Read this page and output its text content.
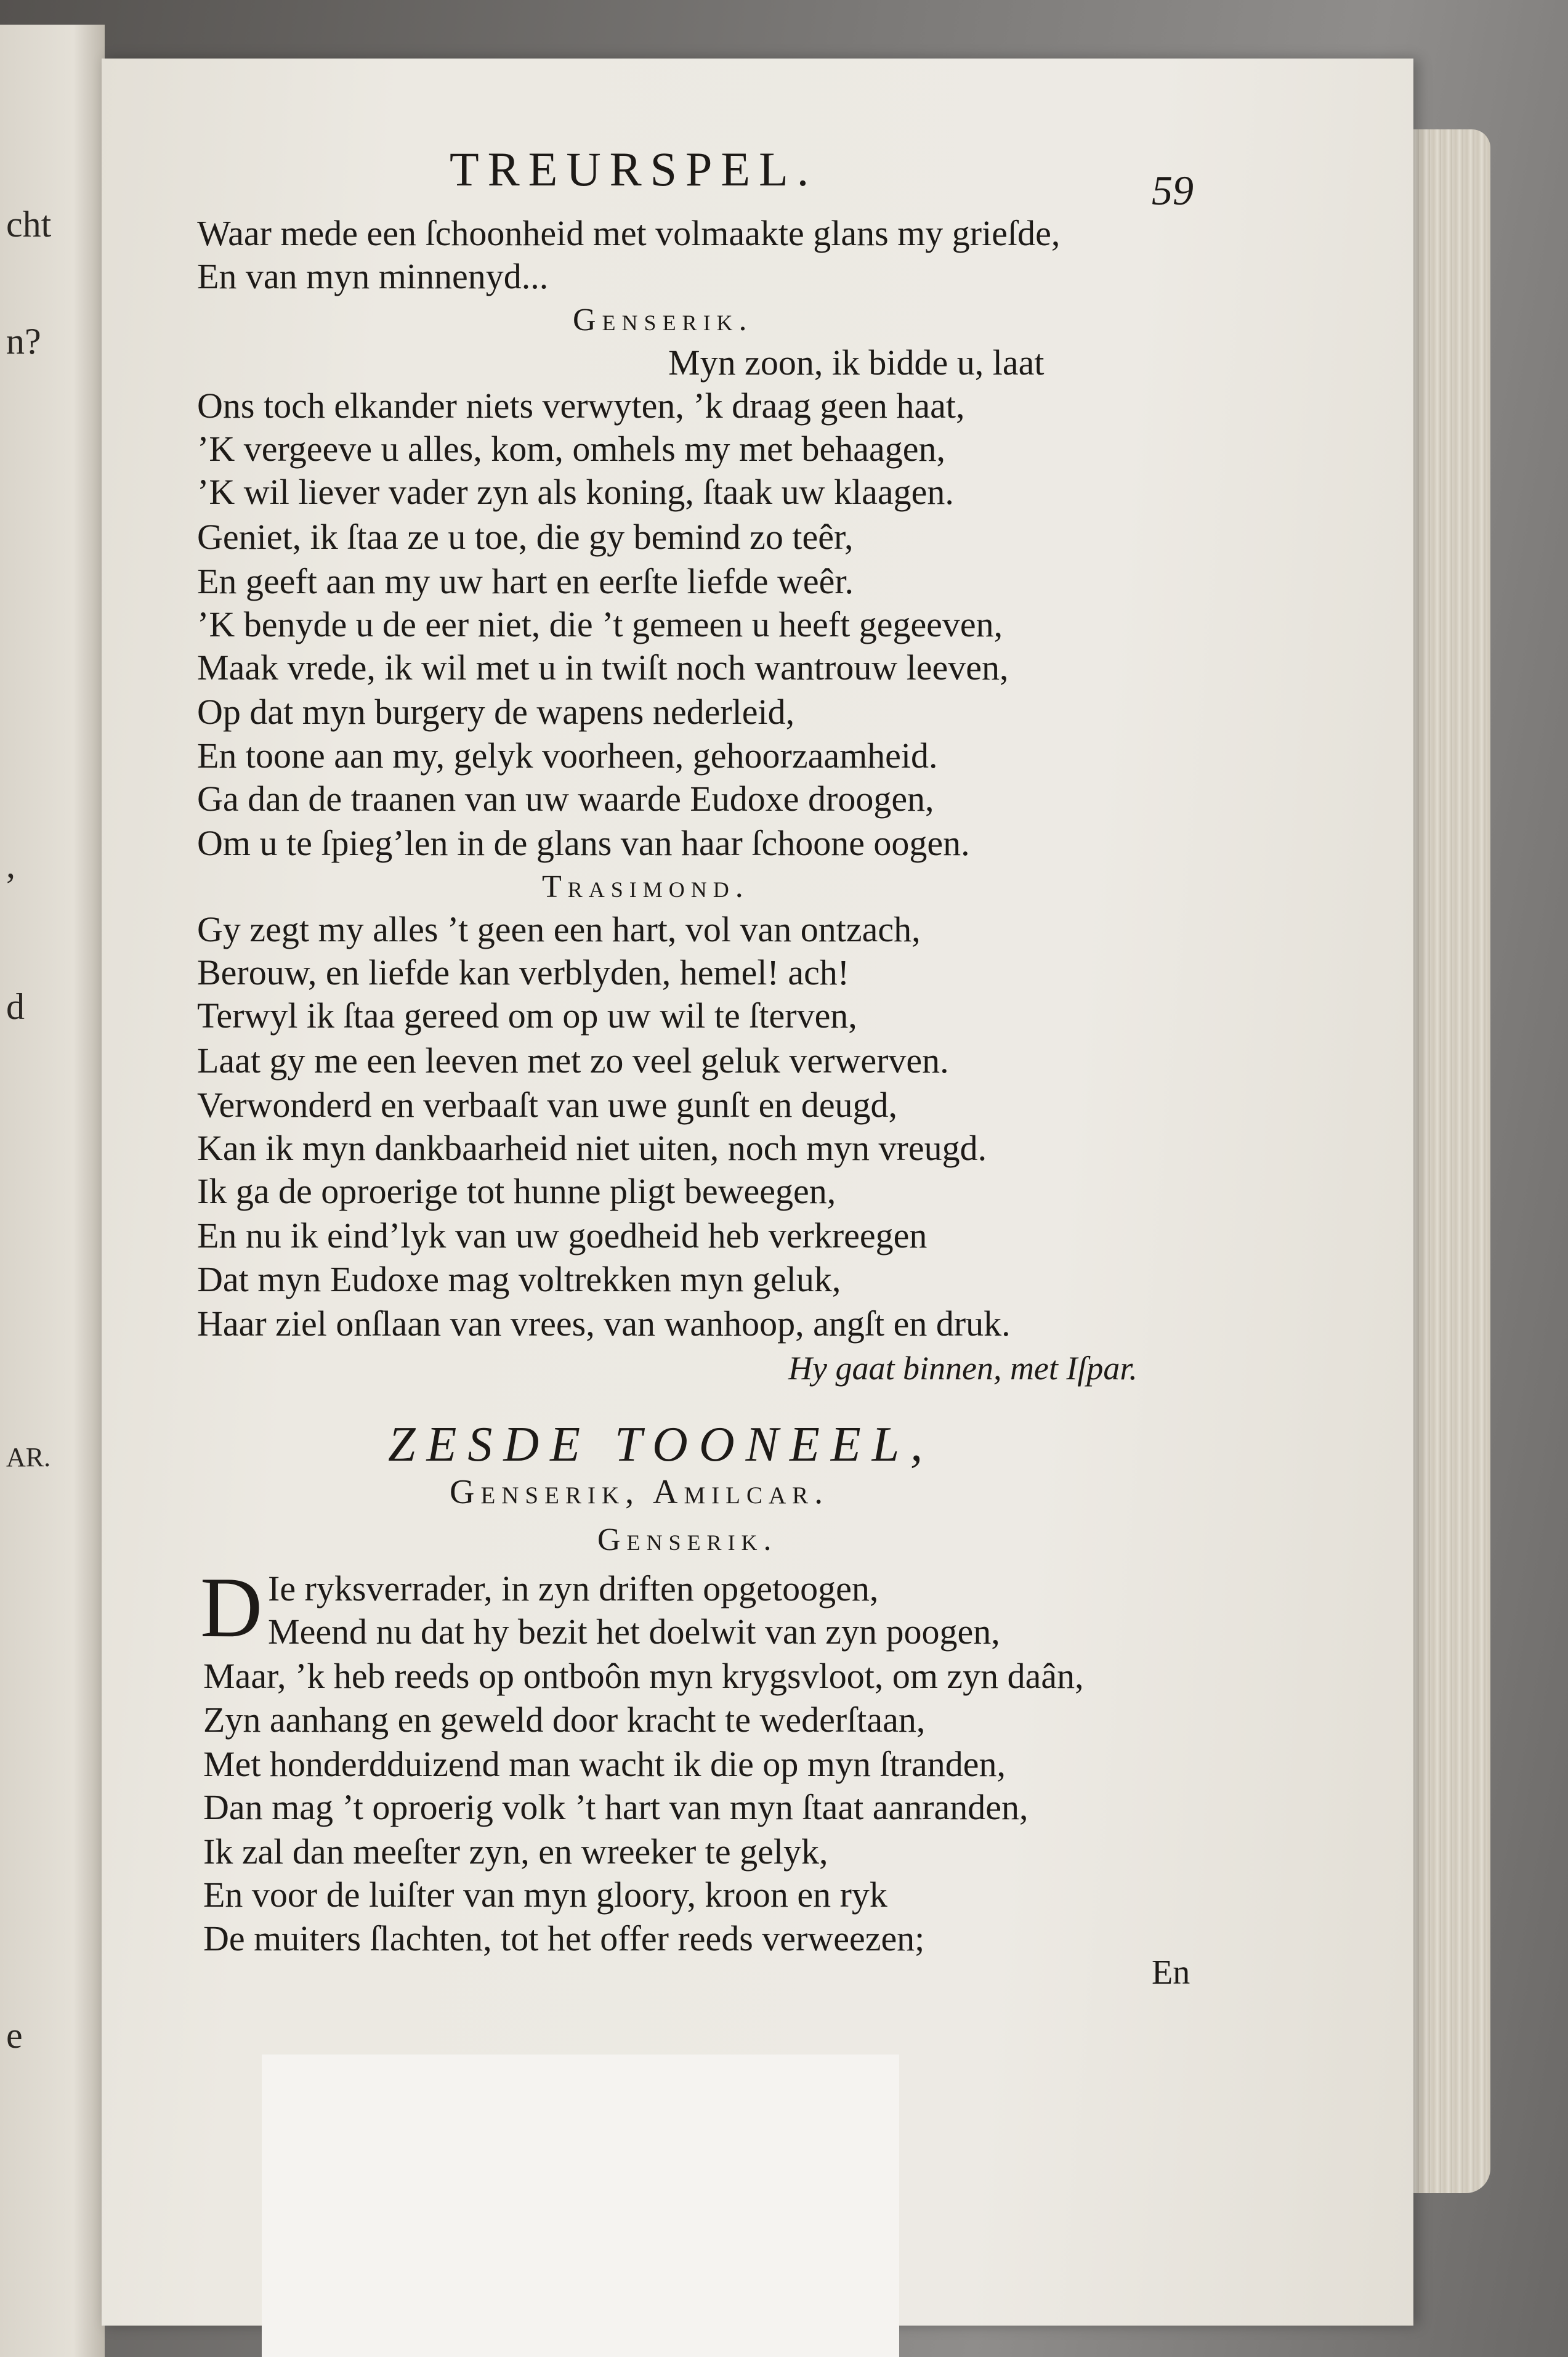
cht
n?
,
d
AR.
e
TREURSPEL.	59
Waar mede een ſchoonheid met volmaakte glans my grieſde,
En van myn minnenyd...
Genserik.
Myn zoon, ik bidde u, laat
Ons toch elkander niets verwyten, ’k draag geen haat,
’K vergeeve u alles, kom, omhels my met behaagen,
’K wil liever vader zyn als koning, ſtaak uw klaagen.
Geniet, ik ſtaa ze u toe, die gy bemind zo teêr,
En geeft aan my uw hart en eerſte liefde weêr.
’K benyde u de eer niet, die ’t gemeen u heeft gegeeven,
Maak vrede, ik wil met u in twiſt noch wantrouw leeven,
Op dat myn burgery de wapens nederleid,
En toone aan my, gelyk voorheen, gehoorzaamheid.
Ga dan de traanen van uw waarde Eudoxe droogen,
Om u te ſpieg’len in de glans van haar ſchoone oogen.
Trasimond.
Gy zegt my alles ’t geen een hart, vol van ontzach,
Berouw, en liefde kan verblyden, hemel! ach!
Terwyl ik ſtaa gereed om op uw wil te ſterven,
Laat gy me een leeven met zo veel geluk verwerven.
Verwonderd en verbaaſt van uwe gunſt en deugd,
Kan ik myn dankbaarheid niet uiten, noch myn vreugd.
Ik ga de oproerige tot hunne pligt beweegen,
En nu ik eind’lyk van uw goedheid heb verkreegen
Dat myn Eudoxe mag voltrekken myn geluk,
Haar ziel onſlaan van vrees, van wanhoop, angſt en druk.
Hy gaat binnen, met Iſpar.
ZESDE TOONEEL,
Genserik, Amilcar.
Genserik.
D Ie ryksverrader, in zyn driften opgetoogen,
Meend nu dat hy bezit het doelwit van zyn poogen,
Maar, ’k heb reeds op ontboôn myn krygsvloot, om zyn daân,
Zyn aanhang en geweld door kracht te wederſtaan,
Met honderdduizend man wacht ik die op myn ſtranden,
Dan mag ’t oproerig volk ’t hart van myn ſtaat aanranden,
Ik zal dan meeſter zyn, en wreeker te gelyk,
En voor de luiſter van myn gloory, kroon en ryk
De muiters ſlachten, tot het offer reeds verweezen;
En
